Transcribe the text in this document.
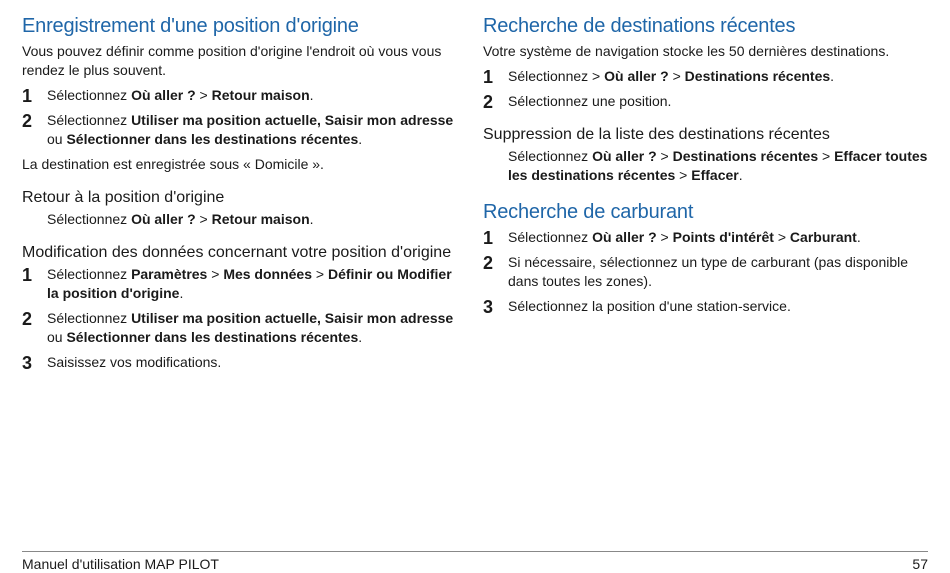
Enregistrement d'une position d'origine

Vous pouvez définir comme position d'origine l'endroit où vous vous rendez le plus souvent.

1 Sélectionnez Où aller ? > Retour maison.
2 Sélectionnez Utiliser ma position actuelle, Saisir mon adresse ou Sélectionner dans les destinations récentes.

La destination est enregistrée sous « Domicile ».

Retour à la position d'origine

Sélectionnez Où aller ? > Retour maison.

Modification des données concernant votre position d'origine
1 Sélectionnez Paramètres > Mes données > Définir ou Modifier la position d'origine.
2 Sélectionnez Utiliser ma position actuelle, Saisir mon adresse ou Sélectionner dans les destinations récentes.
3 Saisissez vos modifications.
Recherche de destinations récentes

Votre système de navigation stocke les 50 dernières destinations.

1 Sélectionnez > Où aller ? > Destinations récentes.
2 Sélectionnez une position.
Suppression de la liste des destinations récentes

Sélectionnez Où aller ? > Destinations récentes > Effacer toutes les destinations récentes > Effacer.

Recherche de carburant
1 Sélectionnez Où aller ? > Points d'intérêt > Carburant.
2 Si nécessaire, sélectionnez un type de carburant (pas disponible dans toutes les zones).
3 Sélectionnez la position d'une station-service.
Manuel d'utilisation MAP PILOT	57
